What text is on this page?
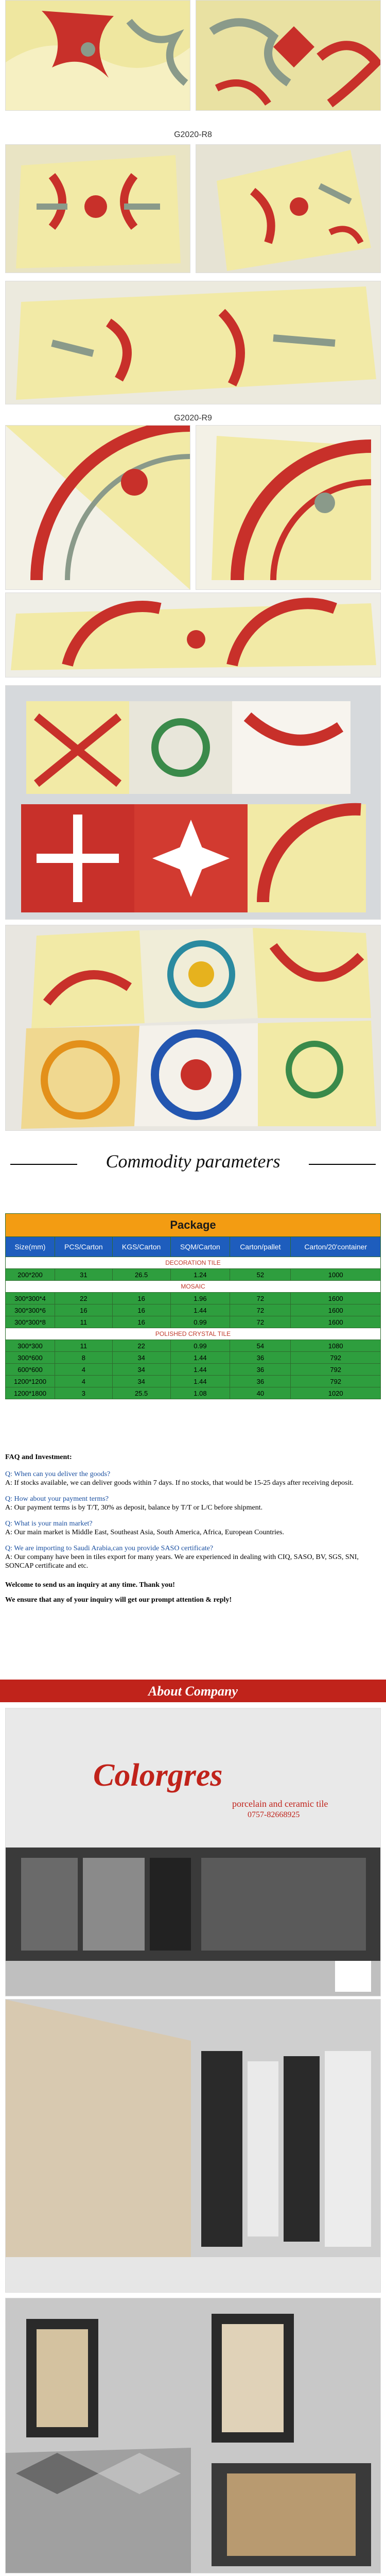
G2020-R8
G2020-R9
Commodity parameters
Package					
Size(mm)	PCS/Carton	KGS/Carton	SQM/Carton	Carton/pallet	Carton/20'container
DECORATION TILE					
200*200	31	26.5	1.24	52	1000
MOSAIC					
300*300*4	22	16	1.96	72	1600
300*300*6	16	16	1.44	72	1600
300*300*8	11	16	0.99	72	1600
POLISHED CRYSTAL TILE					
300*300	11	22	0.99	54	1080
300*600	8	34	1.44	36	792
600*600	4	34	1.44	36	792
1200*1200	4	34	1.44	36	792
1200*1800	3	25.5	1.08	40	1020
FAQ and Investment:
Q: When can you deliver the goods?
A: If stocks available, we can deliver goods within 7 days. If no stocks, that would be 15-25 days after receiving deposit.
Q: How about your payment terms?
A: Our payment terms is by T/T, 30% as deposit, balance by T/T or L/C before shipment.
Q: What is your main market?
A: Our main market is Middle East, Southeast Asia, South America, Africa, European Countries.
Q: We are importing to Saudi Arabia,can you provide SASO certificate?
A: Our company have been in tiles export for many years. We are experienced in dealing with CIQ, SASO, BV, SGS, SNI, SONCAP certificate and etc.
Welcome to send us an inquiry at any time. Thank you!
We ensure that any of your inquiry will get our prompt attention & reply!
About Company
Colorgres
porcelain and ceramic tile
0757-82668925
